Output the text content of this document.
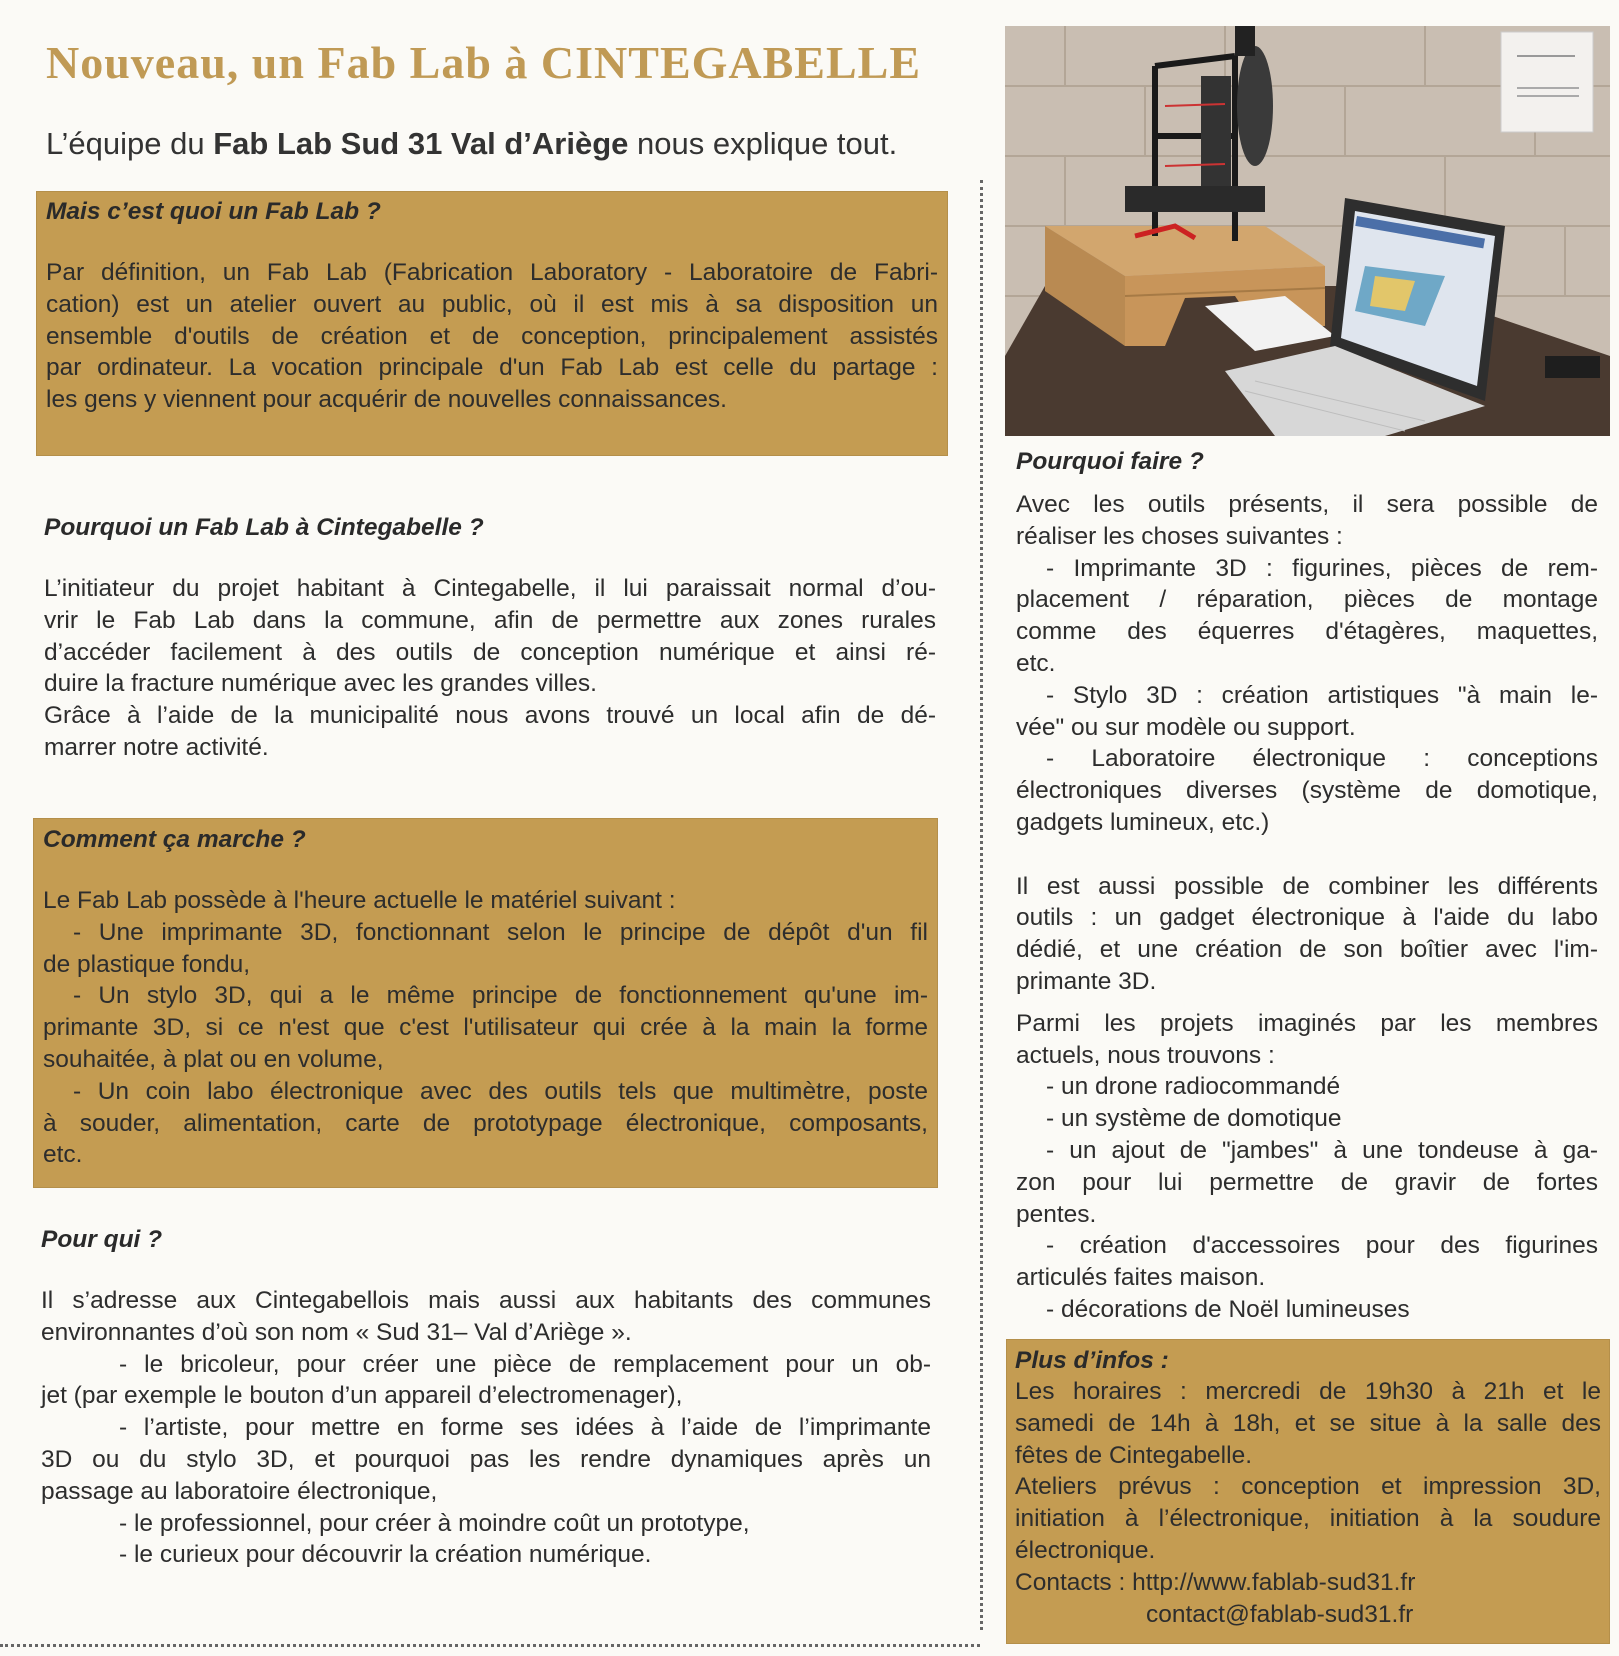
Nouveau, un Fab Lab à CINTEGABELLE
L’équipe du Fab Lab Sud 31 Val d’Ariège nous explique tout.
Mais c’est quoi un Fab Lab ?
Par définition, un Fab Lab (Fabrication Laboratory - Laboratoire de Fabri-
cation) est un atelier ouvert au public, où il est mis à sa disposition un
ensemble d'outils de création et de conception, principalement assistés
par ordinateur. La vocation principale d'un Fab Lab est celle du partage :
les gens y viennent pour acquérir de nouvelles connaissances.
Pourquoi un Fab Lab à Cintegabelle ?
L’initiateur du projet habitant à Cintegabelle, il lui paraissait normal d’ou-
vrir le Fab Lab dans la commune, afin de permettre aux zones rurales
d’accéder facilement à des outils de conception numérique et ainsi ré-
duire la fracture numérique avec les grandes villes.
Grâce à l’aide de la municipalité nous avons trouvé un local afin de dé-
marrer notre activité.
Comment ça marche ?
Le Fab Lab possède à l'heure actuelle le matériel suivant :
- Une imprimante 3D, fonctionnant selon le principe de dépôt d'un fil
de plastique fondu,
- Un stylo 3D, qui a le même principe de fonctionnement qu'une im-
primante 3D, si ce n'est que c'est l'utilisateur qui crée à la main la forme
souhaitée, à plat ou en volume,
- Un coin labo électronique avec des outils tels que multimètre, poste
à souder, alimentation, carte de prototypage électronique, composants,
etc.
Pour qui ?
Il s’adresse aux Cintegabellois mais aussi aux habitants des communes
environnantes d’où son nom « Sud 31– Val d’Ariège ».
- le bricoleur, pour créer une pièce de remplacement pour un ob-
jet (par exemple le bouton d’un appareil d’electromenager),
- l’artiste, pour mettre en forme ses idées à l’aide de l’imprimante
3D ou du stylo 3D, et pourquoi pas les rendre dynamiques après un
passage au laboratoire électronique,
- le professionnel, pour créer à moindre coût un prototype,
- le curieux pour découvrir la création numérique.
Pourquoi faire ?
Avec les outils présents, il sera possible de
réaliser les choses suivantes :
- Imprimante 3D : figurines, pièces de rem-
placement / réparation, pièces de montage
comme des équerres d'étagères, maquettes,
etc.
- Stylo 3D : création artistiques "à main le-
vée" ou sur modèle ou support.
- Laboratoire électronique : conceptions
électroniques diverses (système de domotique,
gadgets lumineux, etc.)
Il est aussi possible de combiner les différents
outils : un gadget électronique à l'aide du labo
dédié, et une création de son boîtier avec l'im-
primante 3D.
Parmi les projets imaginés par les membres
actuels, nous trouvons :
- un drone radiocommandé
- un système de domotique
- un ajout de "jambes" à une tondeuse à ga-
zon pour lui permettre de gravir de fortes
pentes.
- création d'accessoires pour des figurines
articulés faites maison.
- décorations de Noël lumineuses
Plus d’infos :
Les horaires : mercredi de 19h30 à 21h et le
samedi de 14h à 18h, et se situe à la salle des
fêtes de Cintegabelle.
Ateliers prévus : conception et impression 3D,
initiation à l’électronique, initiation à la soudure
électronique.
Contacts : http://www.fablab-sud31.fr
contact@fablab-sud31.fr
